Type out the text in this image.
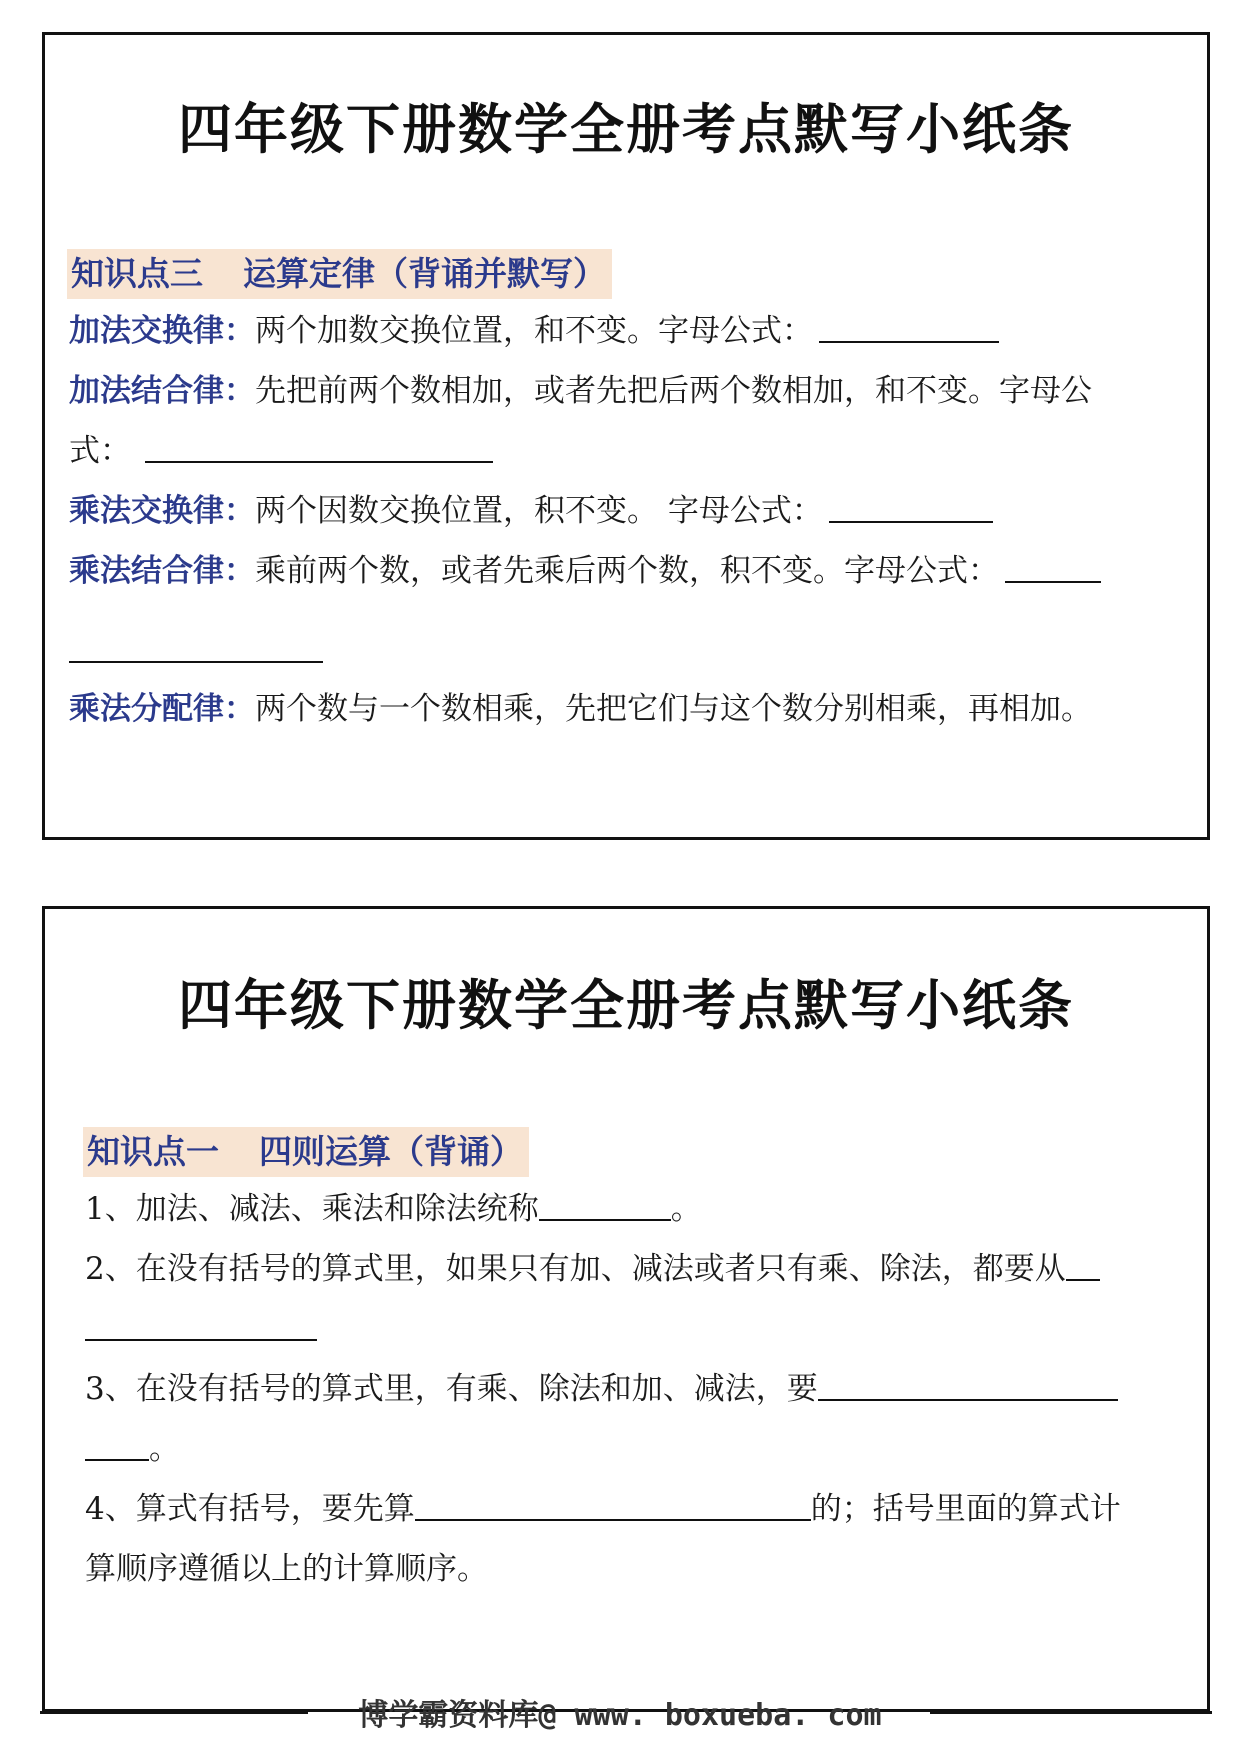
四年级下册数学全册考点默写小纸条
知识点三 运算定律（背诵并默写）
加法交换律：两个加数交换位置，和不变。字母公式：
加法结合律：先把前两个数相加，或者先把后两个数相加，和不变。字母公
式：
乘法交换律：两个因数交换位置，积不变。 字母公式：
乘法结合律：乘前两个数，或者先乘后两个数，积不变。字母公式：
乘法分配律：两个数与一个数相乘，先把它们与这个数分别相乘，再相加。
四年级下册数学全册考点默写小纸条
知识点一 四则运算（背诵）
1、加法、减法、乘法和除法统称	。
2、在没有括号的算式里，如果只有加、减法或者只有乘、除法，都要从
3、在没有括号的算式里，有乘、除法和加、减法，要
。
4、算式有括号，要先算	的；括号里面的算式计
算顺序遵循以上的计算顺序。
博学霸资料库@ www. boxueba. com
